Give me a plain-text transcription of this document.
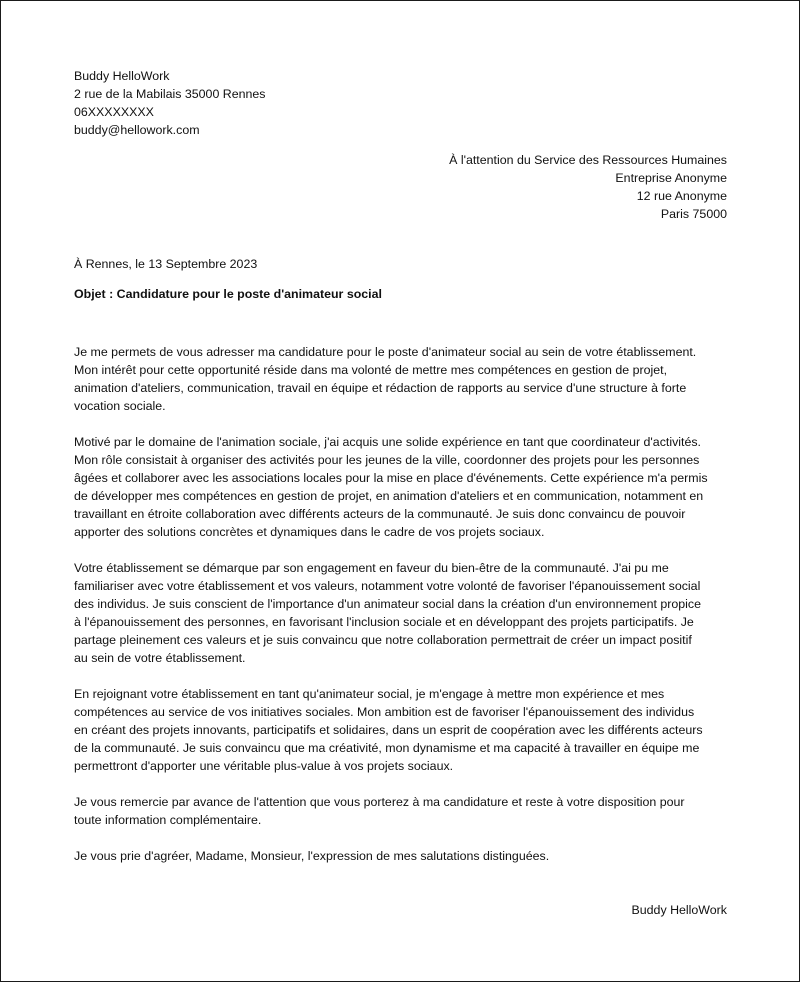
Buddy HelloWork
2 rue de la Mabilais 35000 Rennes
06XXXXXXXX
buddy@hellowork.com
À l'attention du Service des Ressources Humaines
Entreprise Anonyme
12 rue Anonyme
Paris 75000
À Rennes, le 13 Septembre 2023
Objet : Candidature pour le poste d'animateur social

Je me permets de vous adresser ma candidature pour le poste d'animateur social au sein de votre établissement.
Mon intérêt pour cette opportunité réside dans ma volonté de mettre mes compétences en gestion de projet,
animation d'ateliers, communication, travail en équipe et rédaction de rapports au service d'une structure à forte
vocation sociale.

Motivé par le domaine de l'animation sociale, j'ai acquis une solide expérience en tant que coordinateur d'activités.
Mon rôle consistait à organiser des activités pour les jeunes de la ville, coordonner des projets pour les personnes
âgées et collaborer avec les associations locales pour la mise en place d'événements. Cette expérience m'a permis
de développer mes compétences en gestion de projet, en animation d'ateliers et en communication, notamment en
travaillant en étroite collaboration avec différents acteurs de la communauté. Je suis donc convaincu de pouvoir
apporter des solutions concrètes et dynamiques dans le cadre de vos projets sociaux.

Votre établissement se démarque par son engagement en faveur du bien-être de la communauté. J'ai pu me
familiariser avec votre établissement et vos valeurs, notamment votre volonté de favoriser l'épanouissement social
des individus. Je suis conscient de l'importance d'un animateur social dans la création d'un environnement propice
à l'épanouissement des personnes, en favorisant l'inclusion sociale et en développant des projets participatifs. Je
partage pleinement ces valeurs et je suis convaincu que notre collaboration permettrait de créer un impact positif
au sein de votre établissement.

En rejoignant votre établissement en tant qu'animateur social, je m'engage à mettre mon expérience et mes
compétences au service de vos initiatives sociales. Mon ambition est de favoriser l'épanouissement des individus
en créant des projets innovants, participatifs et solidaires, dans un esprit de coopération avec les différents acteurs
de la communauté. Je suis convaincu que ma créativité, mon dynamisme et ma capacité à travailler en équipe me
permettront d'apporter une véritable plus-value à vos projets sociaux.

Je vous remercie par avance de l'attention que vous porterez à ma candidature et reste à votre disposition pour
toute information complémentaire.

Je vous prie d'agréer, Madame, Monsieur, l'expression de mes salutations distinguées.

Buddy HelloWork
